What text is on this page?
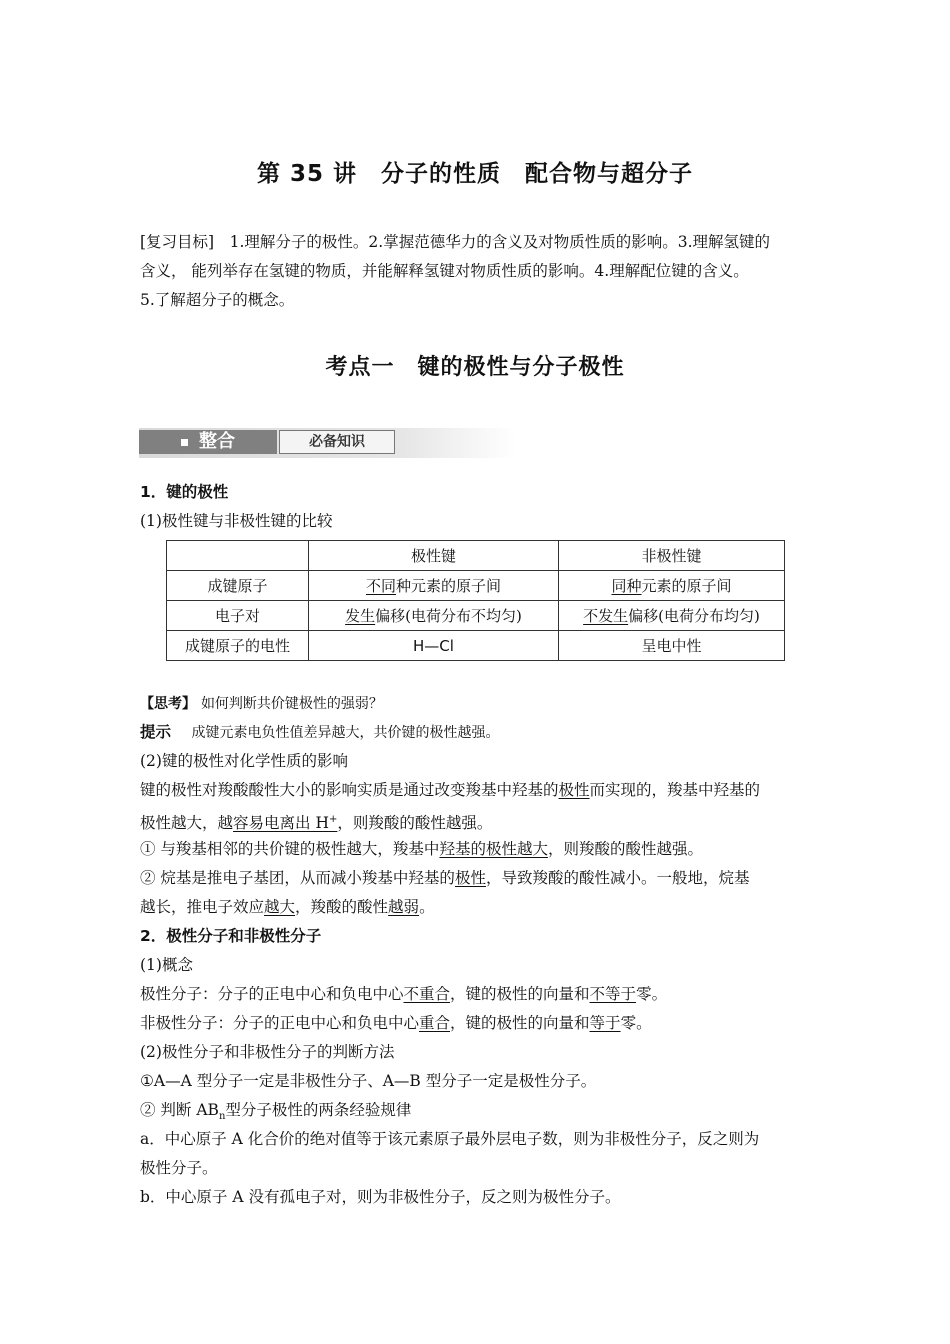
第 35 讲　分子的性质　配合物与超分子
[复习目标]　 1.理解分子的极性。2.掌握范德华力的含义及对物质性质的影响。3.理解氢键的
含义， 能列举存在氢键的物质，并能解释氢键对物质性质的影响。4.理解配位键的含义。
5.了解超分子的概念。
考点一　键的极性与分子极性
整合	必备知识
1．键的极性
(1)极性键与非极性键的比较
	极性键	非极性键
成键原子	不同种元素的原子间	同种元素的原子间
电子对	发生偏移(电荷分布不均匀)	不发生偏移(电荷分布均匀)
成键原子的电性	H—Cl	呈电中性
【思考】 如何判断共价键极性的强弱？
提示　 成键元素电负性值差异越大，共价键的极性越强。
(2)键的极性对化学性质的影响
键的极性对羧酸酸性大小的影响实质是通过改变羧基中羟基的极性而实现的，羧基中羟基的
极性越大，越容易电离出 H+，则羧酸的酸性越强。
① 与羧基相邻的共价键的极性越大，羧基中羟基的极性越大，则羧酸的酸性越强。
② 烷基是推电子基团，从而减小羧基中羟基的极性，导致羧酸的酸性减小。一般地，烷基
越长，推电子效应越大，羧酸的酸性越弱。
2．极性分子和非极性分子
(1)概念
极性分子：分子的正电中心和负电中心不重合，键的极性的向量和不等于零。
非极性分子：分子的正电中心和负电中心重合，键的极性的向量和等于零。
(2)极性分子和非极性分子的判断方法
①A—A 型分子一定是非极性分子、A—B 型分子一定是极性分子。
② 判断 $AB_n$型分子极性的两条经验规律
a．中心原子 A 化合价的绝对值等于该元素原子最外层电子数，则为非极性分子，反之则为
极性分子。
b．中心原子 A 没有孤电子对，则为非极性分子，反之则为极性分子。
